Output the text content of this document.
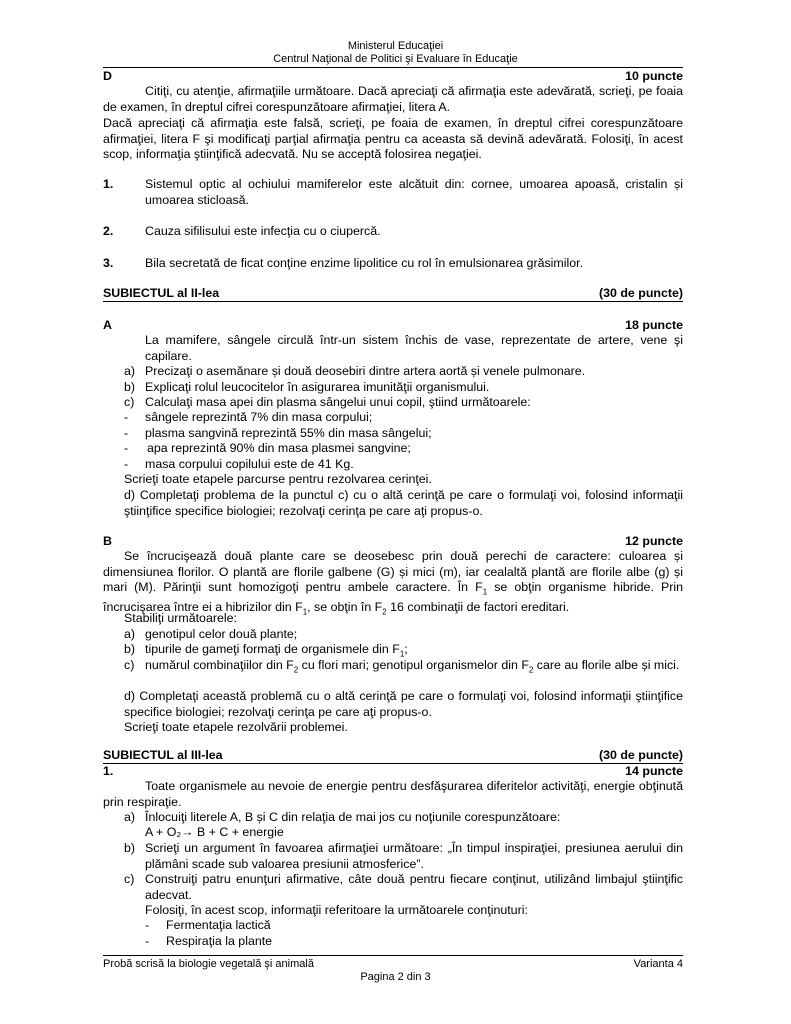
Ministerul Educaţiei
Centrul Naţional de Politici şi Evaluare în Educaţie
D	10 puncte
Citiţi, cu atenţie, afirmaţiile următoare. Dacă apreciaţi că afirmaţia este adevărată, scrieţi, pe foaia de examen, în dreptul cifrei corespunzătoare afirmaţiei, litera A.
Dacă apreciaţi că afirmaţia este falsă, scrieţi, pe foaia de examen, în dreptul cifrei corespunzătoare afirmaţiei, litera F şi modificaţi parţial afirmaţia pentru ca aceasta să devină adevărată. Folosiţi, în acest scop, informaţia ştiinţifică adecvată. Nu se acceptă folosirea negaţiei.
1.	Sistemul optic al ochiului mamiferelor este alcătuit din: cornee, umoarea apoasă, cristalin și umoarea sticloasă.
2.	Cauza sifilisului este infecţia cu o ciupercă.
3.	Bila secretată de ficat conţine enzime lipolitice cu rol în emulsionarea grăsimilor.
SUBIECTUL al II-lea	(30 de puncte)
A	18 puncte
La mamifere, sângele circulă într-un sistem închis de vase, reprezentate de artere, vene şi capilare.
a) Precizaţi o asemănare și două deosebiri dintre artera aortă și venele pulmonare.
b) Explicaţi rolul leucocitelor în asigurarea imunităţii organismului.
c) Calculaţi masa apei din plasma sângelui unui copil, ştiind următoarele:
- sângele reprezintă 7% din masa corpului;
- plasma sangvină reprezintă 55% din masa sângelui;
- apa reprezintă 90% din masa plasmei sangvine;
- masa corpului copilului este de 41 Kg.
Scrieţi toate etapele parcurse pentru rezolvarea cerinţei.
d) Completaţi problema de la punctul c) cu o altă cerinţă pe care o formulaţi voi, folosind informaţii ştiinţifice specifice biologiei; rezolvaţi cerinţa pe care aţi propus-o.
B	12 puncte
Se încrucişează două plante care se deosebesc prin două perechi de caractere: culoarea și dimensiunea florilor. O plantă are florile galbene (G) și mici (m), iar cealaltă plantă are florile albe (g) și mari (M). Părinţii sunt homozigoţi pentru ambele caractere. În $F_1$ se obţin organisme hibride. Prin încrucişarea între ei a hibrizilor din $F_1$, se obţin în $F_2$ 16 combinaţii de factori ereditari.
Stabiliţi următoarele:
a) genotipul celor două plante;
b) tipurile de gameţi formaţi de organismele din $F_1$;
c) numărul combinaţiilor din $F_2$ cu flori mari; genotipul organismelor din $F_2$ care au florile albe și mici.
d) Completaţi această problemă cu o altă cerinţă pe care o formulaţi voi, folosind informaţii ştiinţifice specifice biologiei; rezolvaţi cerinţa pe care aţi propus-o.
Scrieţi toate etapele rezolvării problemei.
SUBIECTUL al III-lea	(30 de puncte)
1.	14 puncte
Toate organismele au nevoie de energie pentru desfăşurarea diferitelor activităţi, energie obţinută prin respiraţie.
a) Înlocuiţi literele A, B și C din relaţia de mai jos cu noţiunile corespunzătoare:
A + O₂→ B + C + energie
b) Scrieţi un argument în favoarea afirmaţiei următoare: „În timpul inspiraţiei, presiunea aerului din plămâni scade sub valoarea presiunii atmosferice”.
c) Construiţi patru enunţuri afirmative, câte două pentru fiecare conţinut, utilizând limbajul ştiinţific adecvat.
Folosiţi, în acest scop, informaţii referitoare la următoarele conţinuturi:
- Fermentaţia lactică
- Respiraţia la plante
Probă scrisă la biologie vegetală şi animală	Varianta 4
Pagina 2 din 3
